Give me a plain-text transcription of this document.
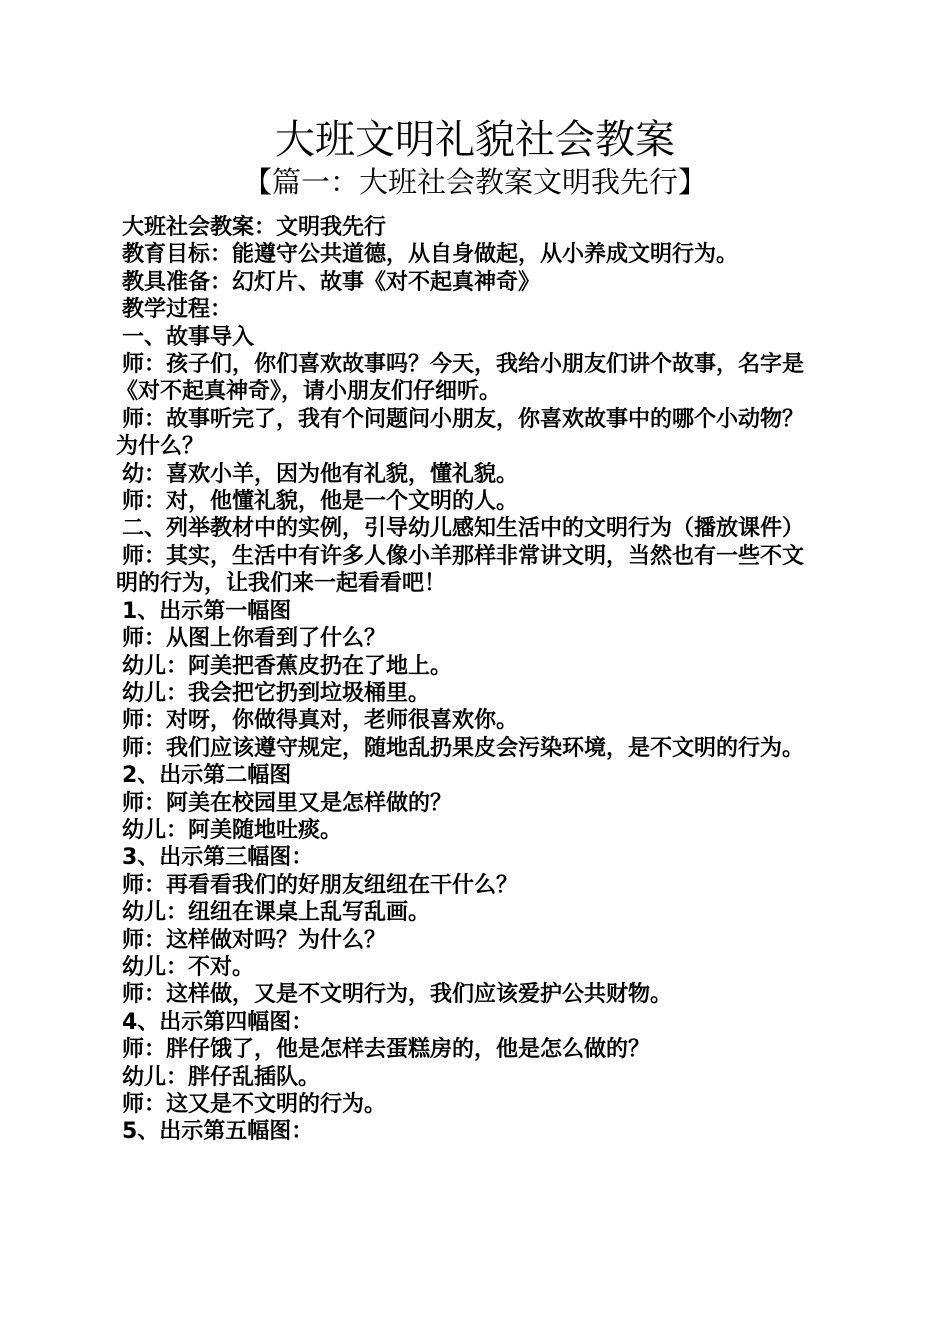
大班文明礼貌社会教案
【篇一：大班社会教案文明我先行】

大班社会教案：文明我先行

教育目标：能遵守公共道德，从自身做起，从小养成文明行为。

教具准备：幻灯片、故事《对不起真神奇》

教学过程：

一、故事导入

师：孩子们，你们喜欢故事吗？今天，我给小朋友们讲个故事，名字是《对不起真神奇》，请小朋友们仔细听。

师：故事听完了，我有个问题问小朋友，你喜欢故事中的哪个小动物？为什么？

幼：喜欢小羊，因为他有礼貌，懂礼貌。

师：对，他懂礼貌，他是一个文明的人。

二、列举教材中的实例，引导幼儿感知生活中的文明行为（播放课件）

师：其实，生活中有许多人像小羊那样非常讲文明，当然也有一些不文明的行为，让我们来一起看看吧！

1、出示第一幅图

师：从图上你看到了什么？

幼儿：阿美把香蕉皮扔在了地上。

幼儿：我会把它扔到垃圾桶里。

师：对呀，你做得真对，老师很喜欢你。

师：我们应该遵守规定，随地乱扔果皮会污染环境，是不文明的行为。

2、出示第二幅图

师：阿美在校园里又是怎样做的？

幼儿：阿美随地吐痰。

3、出示第三幅图：

师：再看看我们的好朋友纽纽在干什么？

幼儿：纽纽在课桌上乱写乱画。

师：这样做对吗？为什么？

幼儿：不对。

师：这样做，又是不文明行为，我们应该爱护公共财物。

4、出示第四幅图：

师：胖仔饿了，他是怎样去蛋糕房的，他是怎么做的？

幼儿：胖仔乱插队。

师：这又是不文明的行为。

5、出示第五幅图：
